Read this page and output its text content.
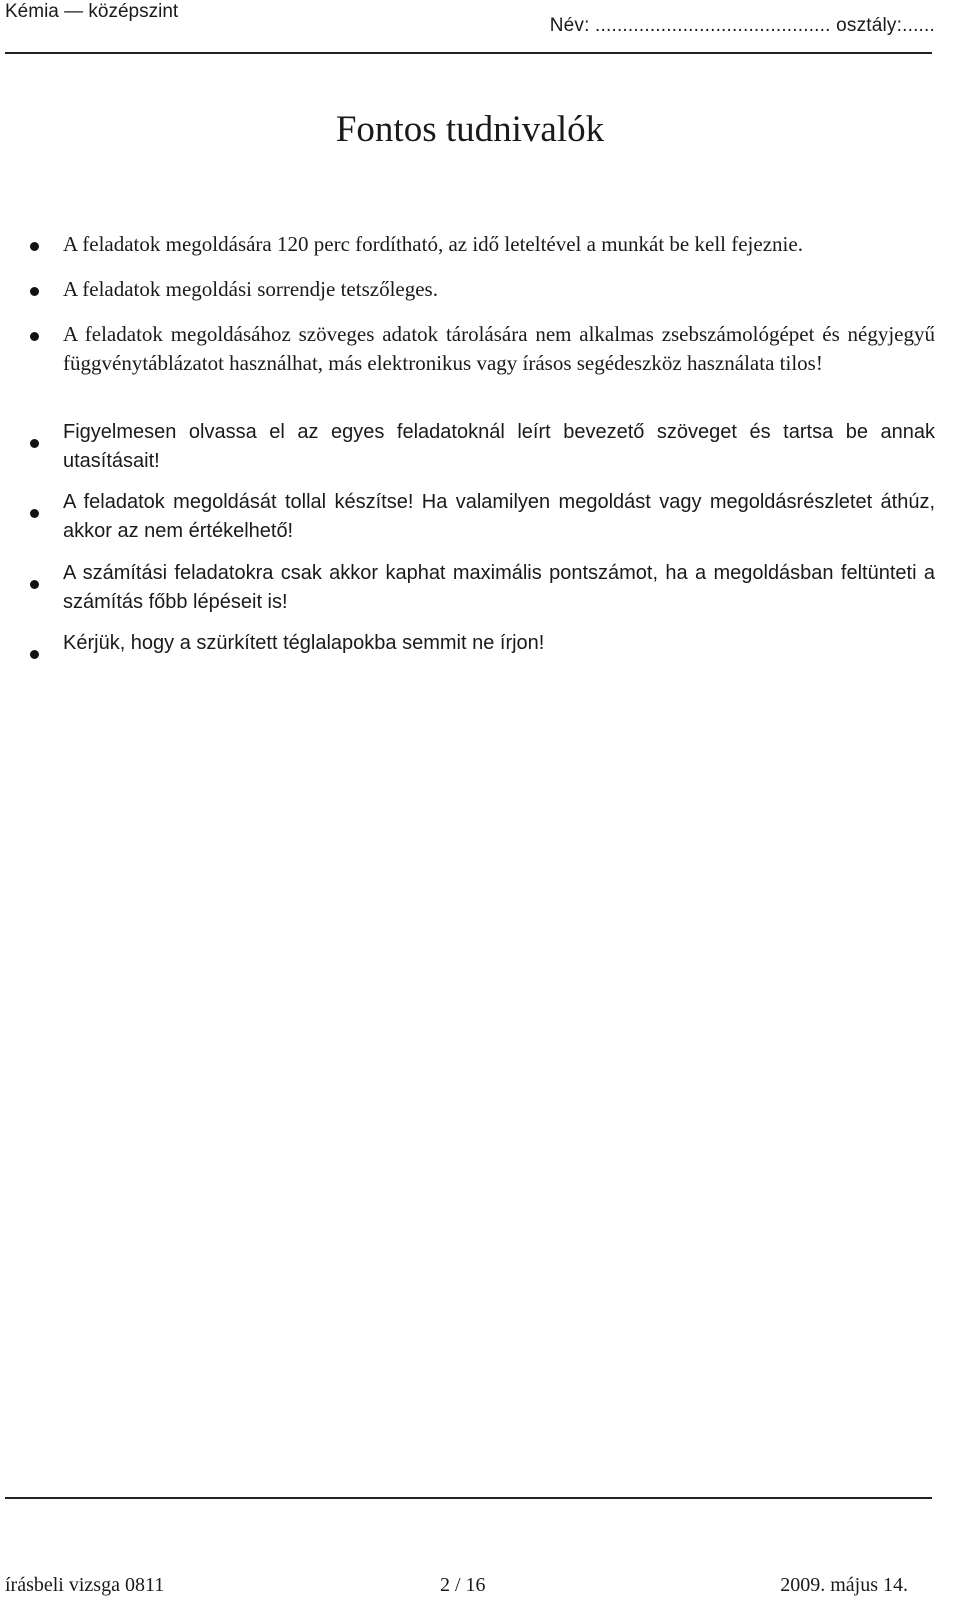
Kémia — középszint
Név: ........................................... osztály:......
Fontos tudnivalók
A feladatok megoldására 120 perc fordítható, az idő leteltével a munkát be kell fejeznie.
A feladatok megoldási sorrendje tetszőleges.
A feladatok megoldásához szöveges adatok tárolására nem alkalmas zsebszámológépet és négyjegyű függvénytáblázatot használhat, más elektronikus vagy írásos segédeszköz használata tilos!
Figyelmesen olvassa el az egyes feladatoknál leírt bevezető szöveget és tartsa be annak utasításait!
A feladatok megoldását tollal készítse! Ha valamilyen megoldást vagy megoldásrészletet áthúz, akkor az nem értékelhető!
A számítási feladatokra csak akkor kaphat maximális pontszámot, ha a megoldásban feltünteti a számítás főbb lépéseit is!
Kérjük, hogy a szürkített téglalapokba semmit ne írjon!
írásbeli vizsga 0811	2 / 16	2009. május 14.
